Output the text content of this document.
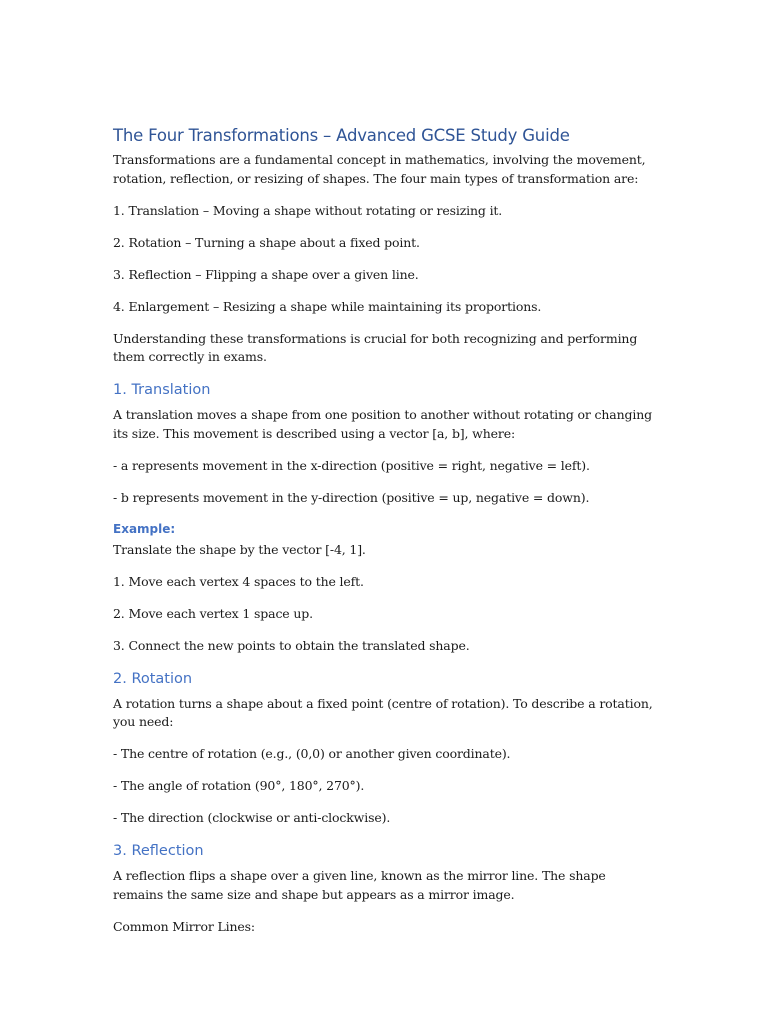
The Four Transformations – Advanced GCSE Study Guide

Transformations are a fundamental concept in mathematics, involving the movement, rotation, reflection, or resizing of shapes. The four main types of transformation are:

1. Translation – Moving a shape without rotating or resizing it.

2. Rotation – Turning a shape about a fixed point.

3. Reflection – Flipping a shape over a given line.

4. Enlargement – Resizing a shape while maintaining its proportions.

Understanding these transformations is crucial for both recognizing and performing them correctly in exams.

1. Translation

A translation moves a shape from one position to another without rotating or changing its size. This movement is described using a vector [a, b], where:

- a represents movement in the x-direction (positive = right, negative = left).

- b represents movement in the y-direction (positive = up, negative = down).

Example:

Translate the shape by the vector [-4, 1].

1. Move each vertex 4 spaces to the left.

2. Move each vertex 1 space up.

3. Connect the new points to obtain the translated shape.

2. Rotation

A rotation turns a shape about a fixed point (centre of rotation). To describe a rotation, you need:

- The centre of rotation (e.g., (0,0) or another given coordinate).

- The angle of rotation (90°, 180°, 270°).

- The direction (clockwise or anti-clockwise).

3. Reflection

A reflection flips a shape over a given line, known as the mirror line. The shape remains the same size and shape but appears as a mirror image.

Common Mirror Lines:
